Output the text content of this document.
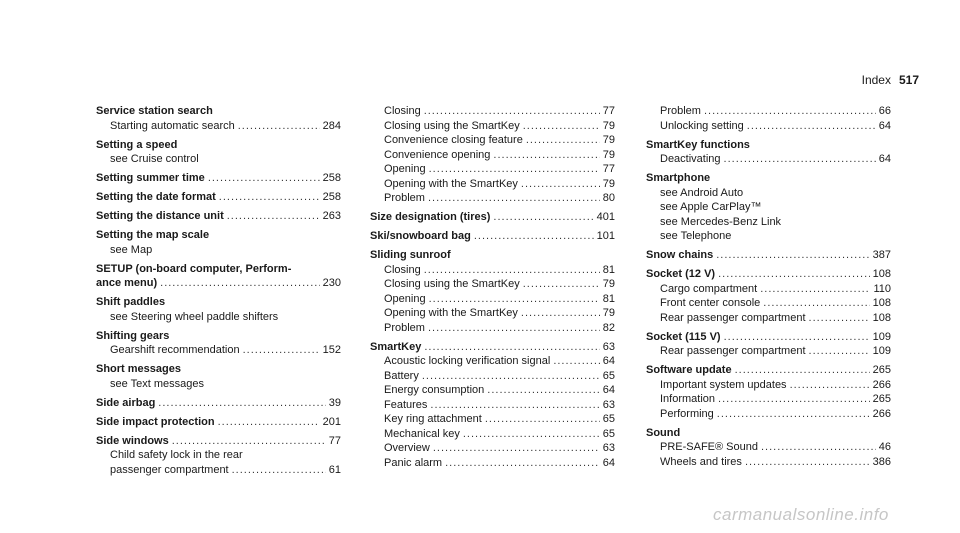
Index 517
Service station search
Starting automatic search .....	284
Setting a speed
see Cruise control
Setting summer time .....	258
Setting the date format .....	258
Setting the distance unit .....	263
Setting the map scale
see Map
SETUP (on-board computer, Perform-
ance menu) .....	230
Shift paddles
see Steering wheel paddle shifters
Shifting gears
Gearshift recommendation .....	152
Short messages
see Text messages
Side airbag .....	39
Side impact protection .....	201
Side windows .....	77
Child safety lock in the rear
passenger compartment .....	61
Closing .....	77
Closing using the SmartKey .....	79
Convenience closing feature .....	79
Convenience opening .....	79
Opening .....	77
Opening with the SmartKey .....	79
Problem .....	80
Size designation (tires) .....	401
Ski/snowboard bag .....	101
Sliding sunroof
Closing .....	81
Closing using the SmartKey .....	79
Opening .....	81
Opening with the SmartKey .....	79
Problem .....	82
SmartKey .....	63
Acoustic locking verification signal .....	64
Battery .....	65
Energy consumption .....	64
Features .....	63
Key ring attachment .....	65
Mechanical key .....	65
Overview .....	63
Panic alarm .....	64
Problem .....	66
Unlocking setting .....	64
SmartKey functions
Deactivating .....	64
Smartphone
see Android Auto
see Apple CarPlay™
see Mercedes-Benz Link
see Telephone
Snow chains .....	387
Socket (12 V) .....	108
Cargo compartment .....	110
Front center console .....	108
Rear passenger compartment .....	108
Socket (115 V) .....	109
Rear passenger compartment .....	109
Software update .....	265
Important system updates .....	266
Information .....	265
Performing .....	266
Sound
PRE-SAFE® Sound .....	46
Wheels and tires .....	386
carmanualsonline.info
